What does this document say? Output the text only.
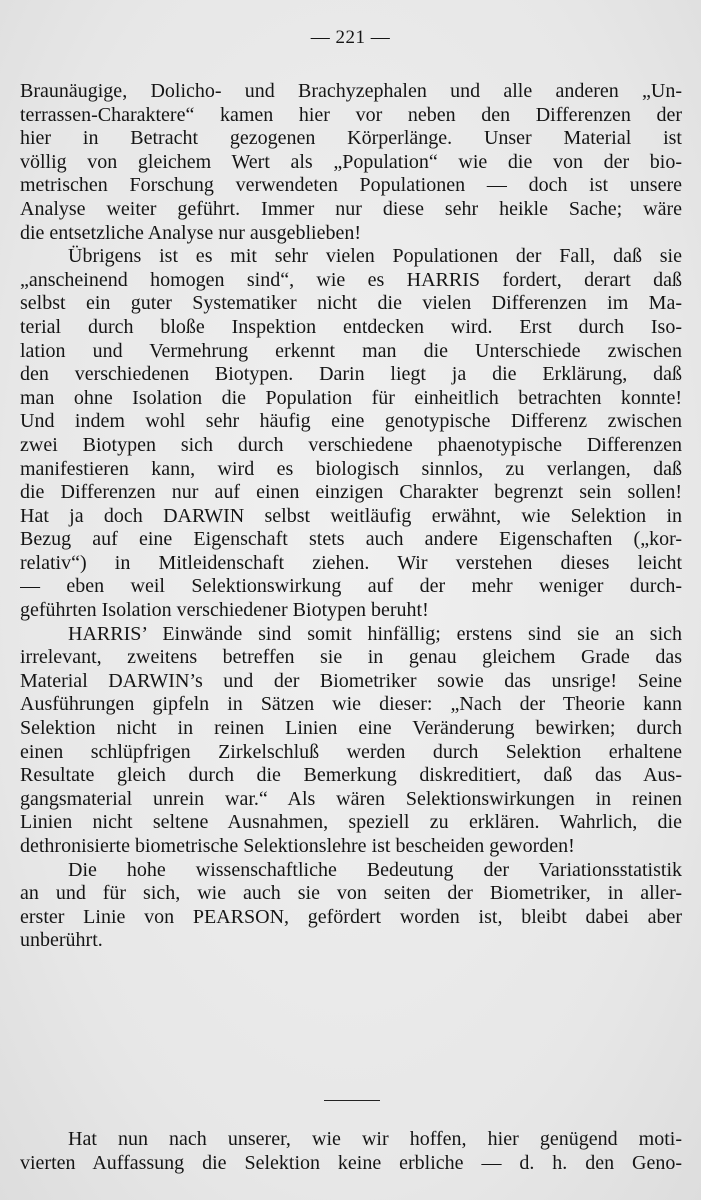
— 221 —

Braunäugige, Dolicho- und Brachyzephalen und alle anderen „Un-
terrassen-Charaktere“ kamen hier vor neben den Differenzen der
hier in Betracht gezogenen Körperlänge. Unser Material ist
völlig von gleichem Wert als „Population“ wie die von der bio-
metrischen Forschung verwendeten Populationen — doch ist unsere
Analyse weiter geführt. Immer nur diese sehr heikle Sache; wäre
die entsetzliche Analyse nur ausgeblieben!

Übrigens ist es mit sehr vielen Populationen der Fall, daß sie
„anscheinend homogen sind“, wie es HARRIS fordert, derart daß
selbst ein guter Systematiker nicht die vielen Differenzen im Ma-
terial durch bloße Inspektion entdecken wird. Erst durch Iso-
lation und Vermehrung erkennt man die Unterschiede zwischen
den verschiedenen Biotypen. Darin liegt ja die Erklärung, daß
man ohne Isolation die Population für einheitlich betrachten konnte!
Und indem wohl sehr häufig eine genotypische Differenz zwischen
zwei Biotypen sich durch verschiedene phaenotypische Differenzen
manifestieren kann, wird es biologisch sinnlos, zu verlangen, daß
die Differenzen nur auf einen einzigen Charakter begrenzt sein sollen!
Hat ja doch DARWIN selbst weitläufig erwähnt, wie Selektion in
Bezug auf eine Eigenschaft stets auch andere Eigenschaften („kor-
relativ“) in Mitleidenschaft ziehen. Wir verstehen dieses leicht
— eben weil Selektionswirkung auf der mehr weniger durch-
geführten Isolation verschiedener Biotypen beruht!

HARRIS’ Einwände sind somit hinfällig; erstens sind sie an sich
irrelevant, zweitens betreffen sie in genau gleichem Grade das
Material DARWIN’s und der Biometriker sowie das unsrige! Seine
Ausführungen gipfeln in Sätzen wie dieser: „Nach der Theorie kann
Selektion nicht in reinen Linien eine Veränderung bewirken; durch
einen schlüpfrigen Zirkelschluß werden durch Selektion erhaltene
Resultate gleich durch die Bemerkung diskreditiert, daß das Aus-
gangsmaterial unrein war.“ Als wären Selektionswirkungen in reinen
Linien nicht seltene Ausnahmen, speziell zu erklären. Wahrlich, die
dethronisierte biometrische Selektionslehre ist bescheiden geworden!

Die hohe wissenschaftliche Bedeutung der Variationsstatistik
an und für sich, wie auch sie von seiten der Biometriker, in aller-
erster Linie von PEARSON, gefördert worden ist, bleibt dabei aber
unberührt.

Hat nun nach unserer, wie wir hoffen, hier genügend moti-
vierten Auffassung die Selektion keine erbliche — d. h. den Geno-
